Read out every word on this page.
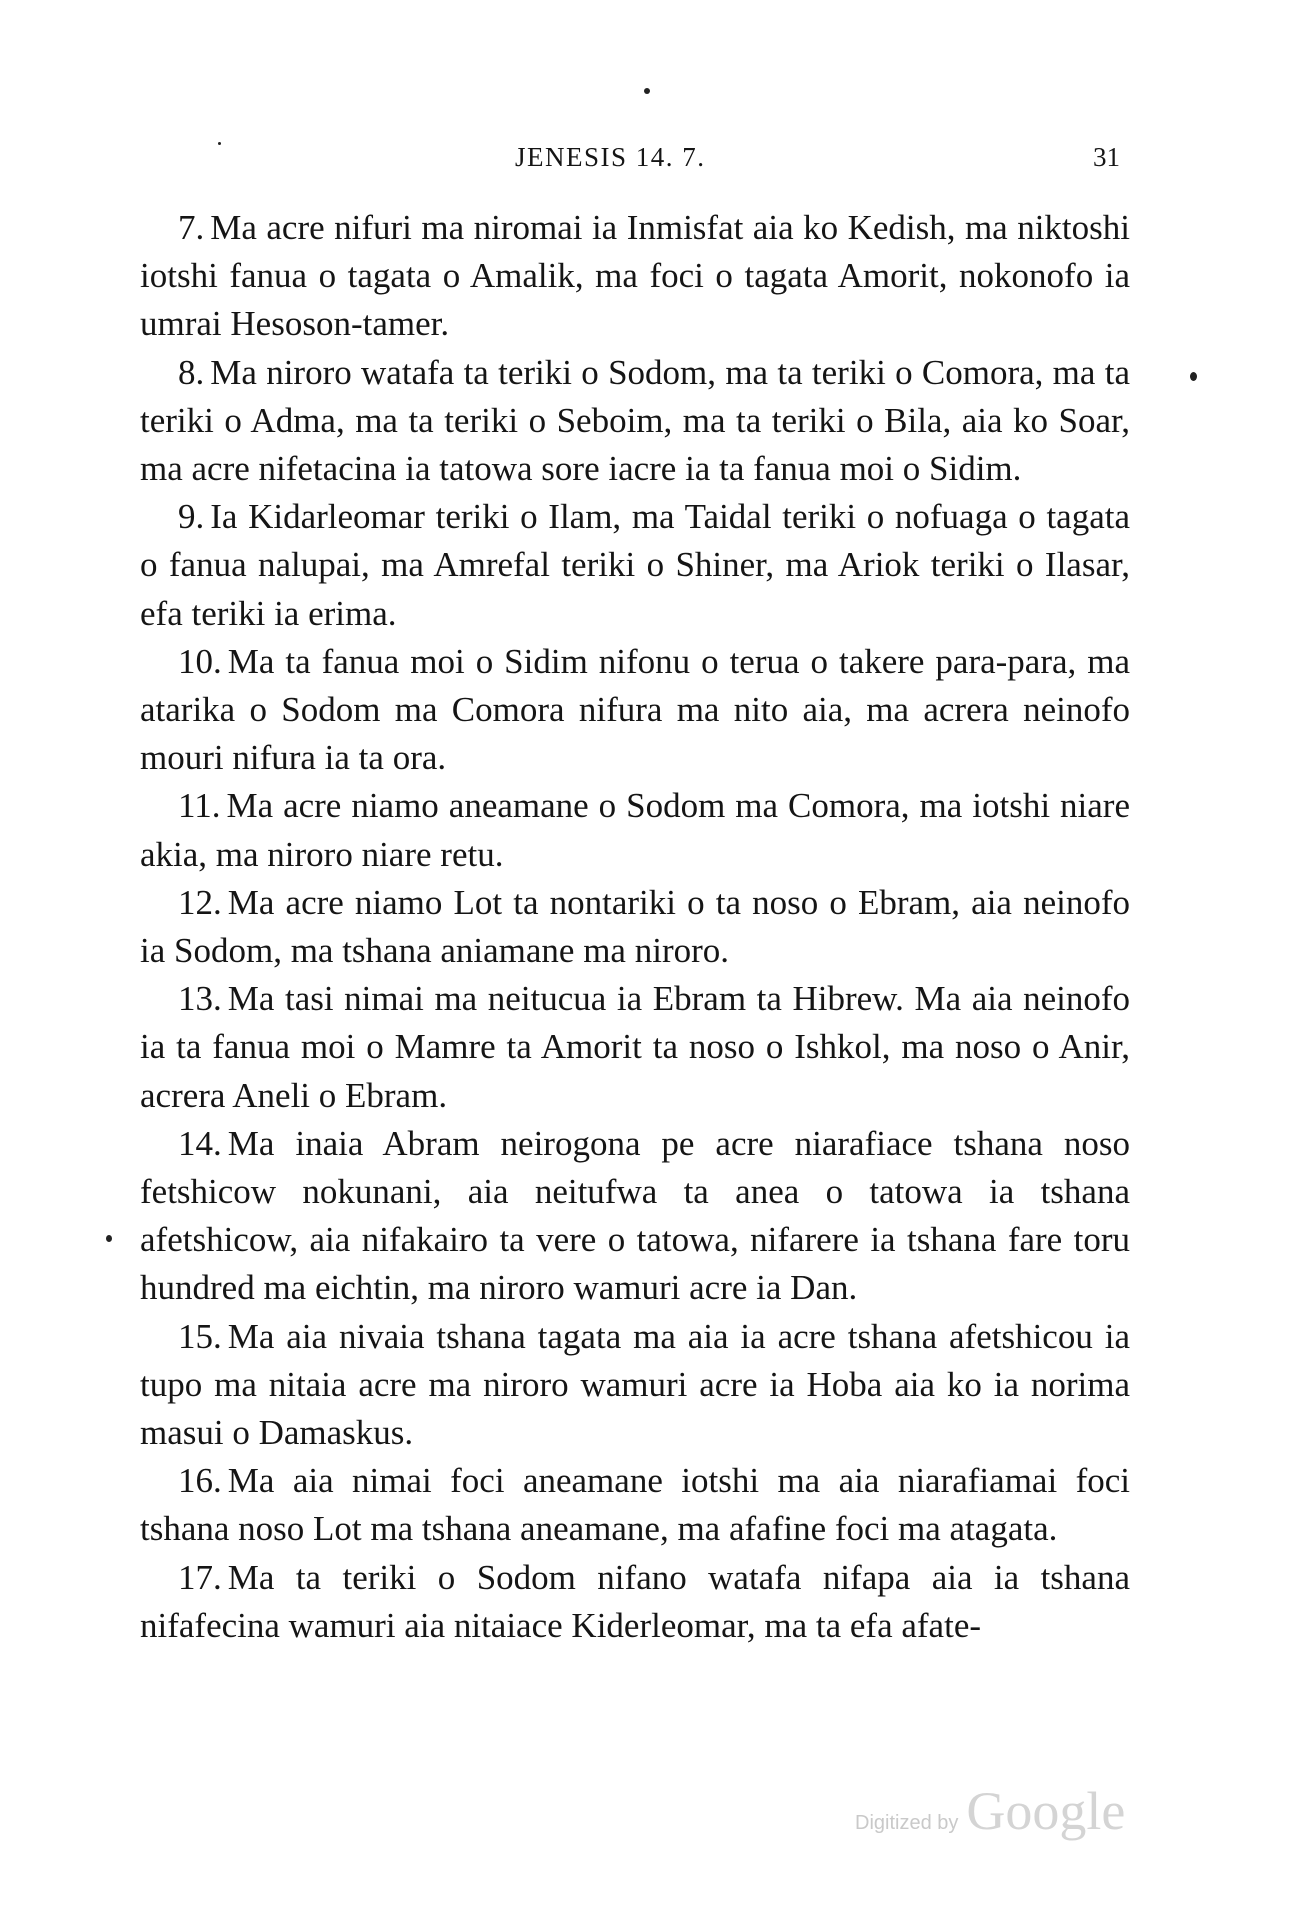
JENESIS 14. 7.	31

7. Ma acre nifuri ma niromai ia Inmisfat aia ko Kedish, ma niktoshi iotshi fanua o tagata o Amalik, ma foci o tagata Amorit, nokonofo ia umrai Hesoson-tamer.

8. Ma niroro watafa ta teriki o Sodom, ma ta teriki o Comora, ma ta teriki o Adma, ma ta teriki o Seboim, ma ta teriki o Bila, aia ko Soar, ma acre nifetacina ia tatowa sore iacre ia ta fanua moi o Sidim.

9. Ia Kidarleomar teriki o Ilam, ma Taidal teriki o nofuaga o tagata o fanua nalupai, ma Amrefal teriki o Shiner, ma Ariok teriki o Ilasar, efa teriki ia erima.

10. Ma ta fanua moi o Sidim nifonu o terua o takere para-para, ma atarika o Sodom ma Comora nifura ma nito aia, ma acrera neinofo mouri nifura ia ta ora.

11. Ma acre niamo aneamane o Sodom ma Comora, ma iotshi niare akia, ma niroro niare retu.

12. Ma acre niamo Lot ta nontariki o ta noso o Ebram, aia neinofo ia Sodom, ma tshana aniamane ma niroro.

13. Ma tasi nimai ma neitucua ia Ebram ta Hibrew. Ma aia neinofo ia ta fanua moi o Mamre ta Amorit ta noso o Ishkol, ma noso o Anir, acrera Aneli o Ebram.

14. Ma inaia Abram neirogona pe acre niarafiace tshana noso fetshicow nokunani, aia neitufwa ta anea o tatowa ia tshana afetshicow, aia nifakairo ta vere o tatowa, nifarere ia tshana fare toru hundred ma eichtin, ma niroro wamuri acre ia Dan.

15. Ma aia nivaia tshana tagata ma aia ia acre tshana afetshicou ia tupo ma nitaia acre ma niroro wamuri acre ia Hoba aia ko ia norima masui o Damaskus.

16. Ma aia nimai foci aneamane iotshi ma aia niarafiamai foci tshana noso Lot ma tshana aneamane, ma afafine foci ma atagata.

17. Ma ta teriki o Sodom nifano watafa nifapa aia ia tshana nifafecina wamuri aia nitaiace Kiderleomar, ma ta efa afate-

Digitized by Google
